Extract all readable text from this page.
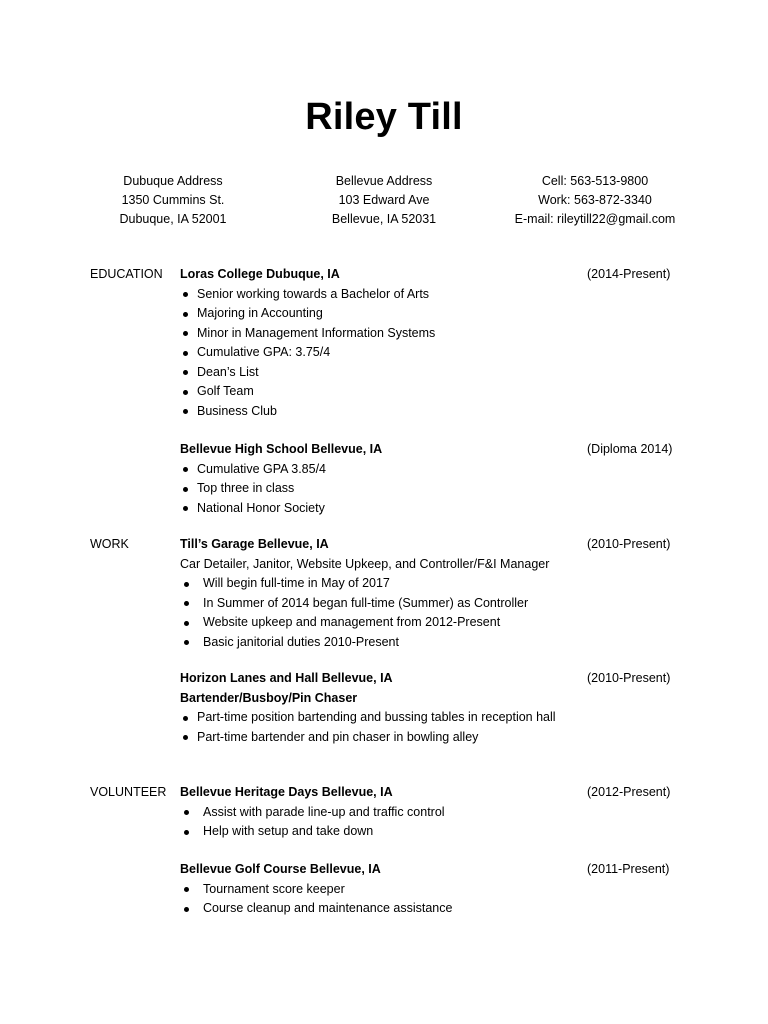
Riley Till
Dubuque Address
1350 Cummins St.
Dubuque, IA 52001
Bellevue Address
103 Edward Ave
Bellevue, IA 52031
Cell: 563-513-9800
Work: 563-872-3340
E-mail: rileytill22@gmail.com
EDUCATION Loras College Dubuque, IA	(2014-Present)
Senior working towards a Bachelor of Arts
Majoring in Accounting
Minor in Management Information Systems
Cumulative GPA: 3.75/4
Dean’s List
Golf Team
Business Club
Bellevue High School Bellevue, IA	(Diploma 2014)
Cumulative GPA 3.85/4
Top three in class
National Honor Society
WORK	Till’s Garage Bellevue, IA	(2010-Present)
Car Detailer, Janitor, Website Upkeep, and Controller/F&I Manager
Will begin full-time in May of 2017
In Summer of 2014 began full-time (Summer) as Controller
Website upkeep and management from 2012-Present
Basic janitorial duties 2010-Present
Horizon Lanes and Hall Bellevue, IA	(2010-Present)
Bartender/Busboy/Pin Chaser
Part-time position bartending and bussing tables in reception hall
Part-time bartender and pin chaser in bowling alley
VOLUNTEER Bellevue Heritage Days Bellevue, IA	(2012-Present)
Assist with parade line-up and traffic control
Help with setup and take down
Bellevue Golf Course Bellevue, IA	(2011-Present)
Tournament score keeper
Course cleanup and maintenance assistance
